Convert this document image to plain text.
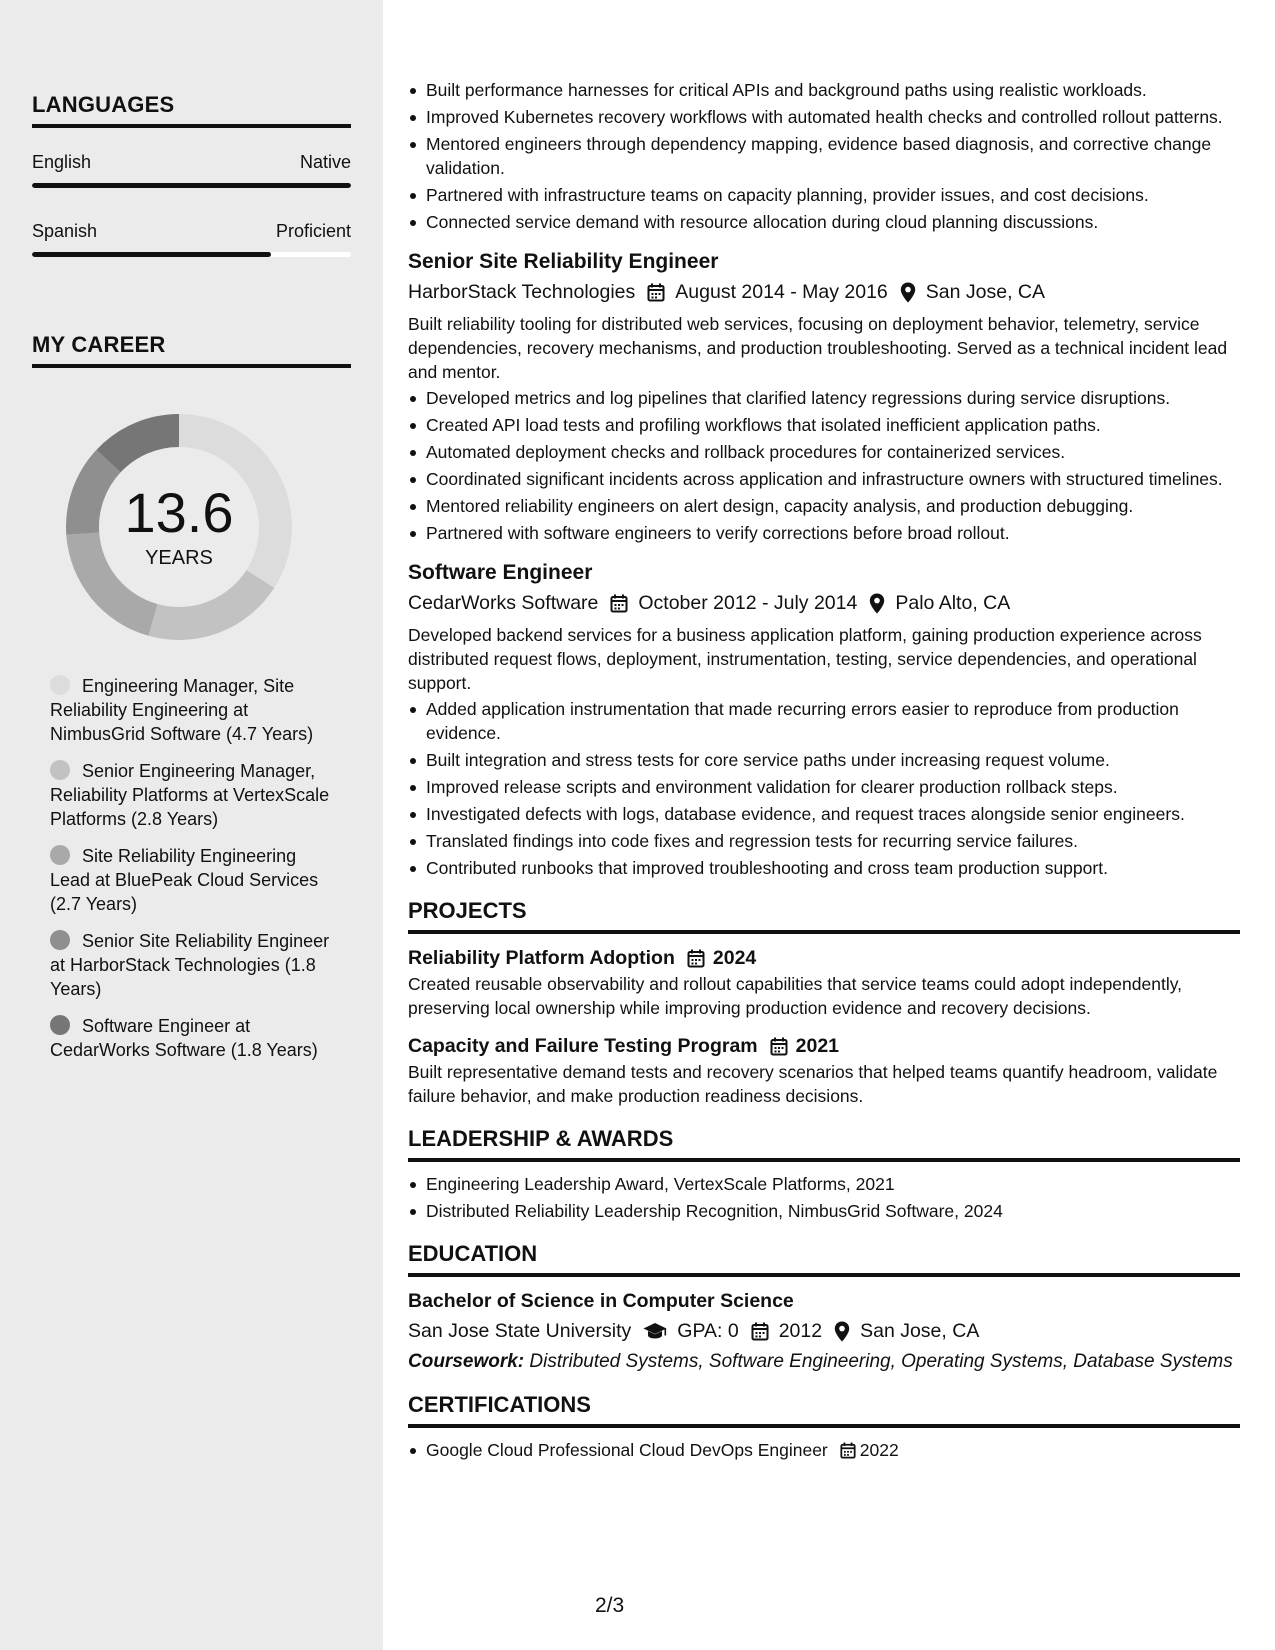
LANGUAGES
English	Native
Spanish	Proficient
MY CAREER
13.6
YEARS
Engineering Manager, Site Reliability Engineering at NimbusGrid Software (4.7 Years)
Senior Engineering Manager, Reliability Platforms at VertexScale Platforms (2.8 Years)
Site Reliability Engineering Lead at BluePeak Cloud Services (2.7 Years)
Senior Site Reliability Engineer at HarborStack Technologies (1.8 Years)
Software Engineer at CedarWorks Software (1.8 Years)
Built performance harnesses for critical APIs and background paths using realistic workloads.
Improved Kubernetes recovery workflows with automated health checks and controlled rollout patterns.
Mentored engineers through dependency mapping, evidence based diagnosis, and corrective change validation.
Partnered with infrastructure teams on capacity planning, provider issues, and cost decisions.
Connected service demand with resource allocation during cloud planning discussions.
Senior Site Reliability Engineer
HarborStack Technologies August 2014 - May 2016 San Jose, CA
Built reliability tooling for distributed web services, focusing on deployment behavior, telemetry, service dependencies, recovery mechanisms, and production troubleshooting. Served as a technical incident lead and mentor.
Developed metrics and log pipelines that clarified latency regressions during service disruptions.
Created API load tests and profiling workflows that isolated inefficient application paths.
Automated deployment checks and rollback procedures for containerized services.
Coordinated significant incidents across application and infrastructure owners with structured timelines.
Mentored reliability engineers on alert design, capacity analysis, and production debugging.
Partnered with software engineers to verify corrections before broad rollout.
Software Engineer
CedarWorks Software October 2012 - July 2014 Palo Alto, CA
Developed backend services for a business application platform, gaining production experience across distributed request flows, deployment, instrumentation, testing, service dependencies, and operational support.
Added application instrumentation that made recurring errors easier to reproduce from production evidence.
Built integration and stress tests for core service paths under increasing request volume.
Improved release scripts and environment validation for clearer production rollback steps.
Investigated defects with logs, database evidence, and request traces alongside senior engineers.
Translated findings into code fixes and regression tests for recurring service failures.
Contributed runbooks that improved troubleshooting and cross team production support.
PROJECTS
Reliability Platform Adoption 2024
Created reusable observability and rollout capabilities that service teams could adopt independently, preserving local ownership while improving production evidence and recovery decisions.
Capacity and Failure Testing Program 2021
Built representative demand tests and recovery scenarios that helped teams quantify headroom, validate failure behavior, and make production readiness decisions.
LEADERSHIP & AWARDS
Engineering Leadership Award, VertexScale Platforms, 2021
Distributed Reliability Leadership Recognition, NimbusGrid Software, 2024
EDUCATION
Bachelor of Science in Computer Science
San Jose State University GPA: 0 2012 San Jose, CA
Coursework: Distributed Systems, Software Engineering, Operating Systems, Database Systems
CERTIFICATIONS
Google Cloud Professional Cloud DevOps Engineer 2022
2/3
